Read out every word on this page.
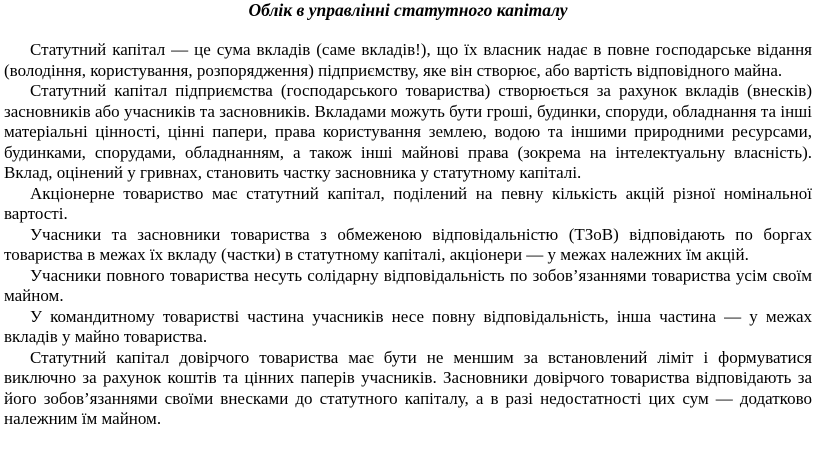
Облік в управлінні статутного капіталу

Статутний капітал — це сума вкладів (саме вкладів!), що їх власник надає в повне господарське відання (володіння, користування, розпорядження) підприємству, яке він створює, або вартість відповідного майна.

Статутний капітал підприємства (господарського товариства) створюється за рахунок вкладів (внесків) засновників або учасників та засновників. Вкладами можуть бути гроші, будинки, споруди, обладнання та інші матеріальні цінності, цінні папери, права користування землею, водою та іншими природними ресурсами, будинками, спорудами, обладнанням, а також інші майнові права (зокрема на інтелектуальну власність). Вклад, оцінений у гривнах, становить частку засновника у статутному капіталі.

Акціонерне товариство має статутний капітал, поділений на певну кількість акцій різної номінальної вартості.

Учасники та засновники товариства з обмеженою відповідальністю (ТЗоВ) відповідають по боргах товариства в межах їх вкладу (частки) в статутному капіталі, акціонери — у межах належних їм акцій.

Учасники повного товариства несуть солідарну відповідальність по зобов’язаннями товариства усім своїм майном.

У командитному товаристві частина учасників несе повну відповідальність, інша частина — у межах вкладів у майно товариства.

Статутний капітал довірчого товариства має бути не меншим за встановлений ліміт і формуватися виключно за рахунок коштів та цінних паперів учасників. Засновники довірчого товариства відповідають за його зобов’язаннями своїми внесками до статутного капіталу, а в разі недостатності цих сум — додатково належним їм майном.
